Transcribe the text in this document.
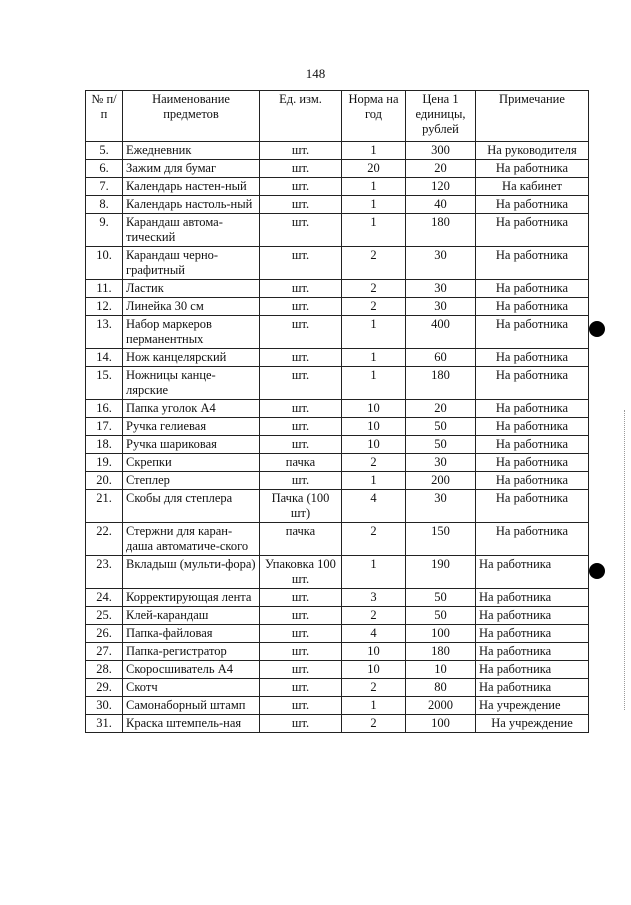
148
№ п/п	Наименование предметов	Ед. изм.	Норма на год	Цена 1 единицы, рублей	Примечание
5.	Ежедневник	шт.	1	300	На руководителя
6.	Зажим для бумаг	шт.	20	20	На работника
7.	Календарь настен-ный	шт.	1	120	На кабинет
8.	Календарь настоль-ный	шт.	1	40	На работника
9.	Карандаш автома-тический	шт.	1	180	На работника
10.	Карандаш черно-графитный	шт.	2	30	На работника
11.	Ластик	шт.	2	30	На работника
12.	Линейка 30 см	шт.	2	30	На работника
13.	Набор маркеров перманентных	шт.	1	400	На работника
14.	Нож канцелярский	шт.	1	60	На работника
15.	Ножницы канце-лярские	шт.	1	180	На работника
16.	Папка уголок А4	шт.	10	20	На работника
17.	Ручка гелиевая	шт.	10	50	На работника
18.	Ручка шариковая	шт.	10	50	На работника
19.	Скрепки	пачка	2	30	На работника
20.	Степлер	шт.	1	200	На работника
21.	Скобы для степлера	Пачка (100 шт)	4	30	На работника
22.	Стержни для каран-даша автоматиче-ского	пачка	2	150	На работника
23.	Вкладыш (мульти-фора)	Упаковка 100 шт.	1	190	На работника
24.	Корректирующая лента	шт.	3	50	На работника
25.	Клей-карандаш	шт.	2	50	На работника
26.	Папка-файловая	шт.	4	100	На работника
27.	Папка-регистратор	шт.	10	180	На работника
28.	Скоросшиватель А4	шт.	10	10	На работника
29.	Скотч	шт.	2	80	На работника
30.	Самонаборный штамп	шт.	1	2000	На учреждение
31.	Краска штемпель-ная	шт.	2	100	На учреждение
